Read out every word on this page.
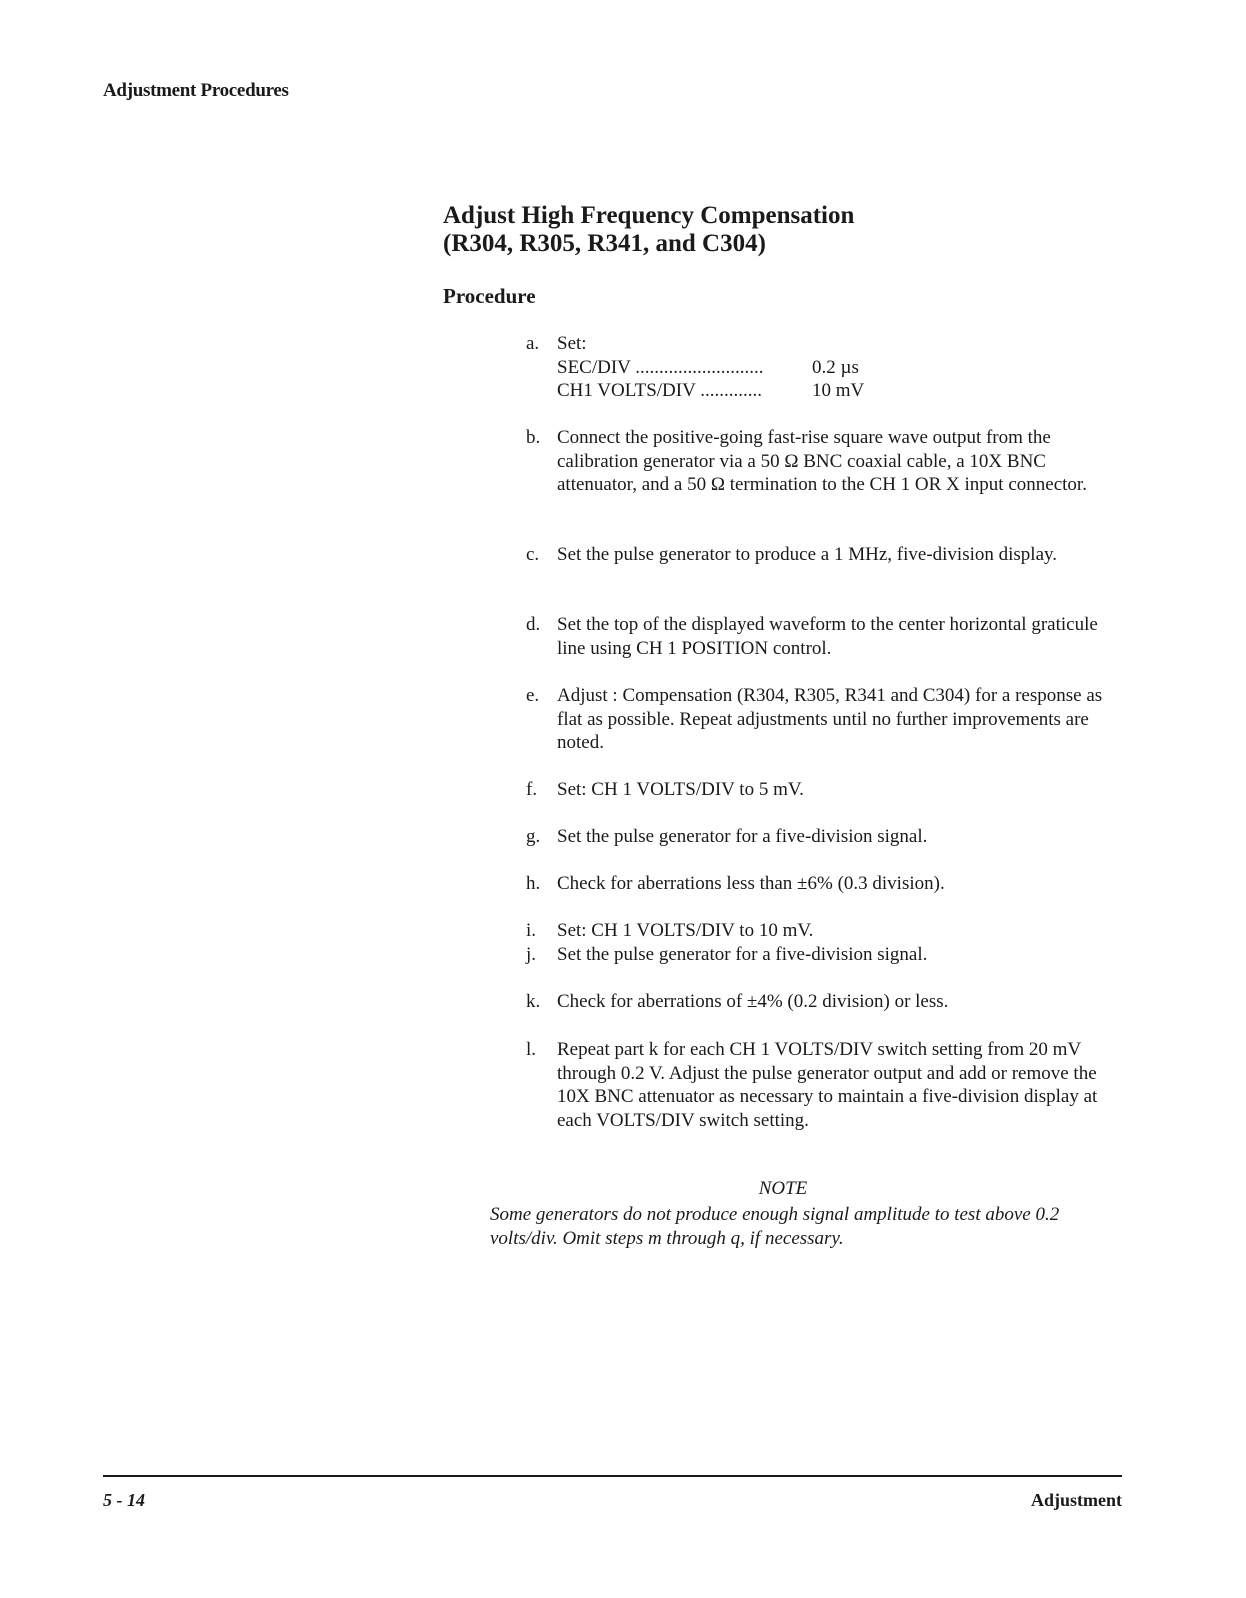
Adjustment Procedures
Adjust High Frequency Compensation
(R304, R305, R341, and C304)
Procedure
a. Set:
SEC/DIV ...........................	0.2 µs
CH1 VOLTS/DIV .............	10 mV
b. Connect the positive-going fast-rise square wave output from the calibration generator via a 50 Ω BNC coaxial cable, a 10X BNC attenuator, and a 50 Ω termination to the CH 1 OR X input connector.
c. Set the pulse generator to produce a 1 MHz, five-division display.
d. Set the top of the displayed waveform to the center horizontal graticule line using CH 1 POSITION control.
e. Adjust : Compensation (R304, R305, R341 and C304) for a response as flat as possible. Repeat adjustments until no further improvements are noted.
f.	Set: CH 1 VOLTS/DIV to 5 mV.
g. Set the pulse generator for a five-division signal.
h. Check for aberrations less than ±6% (0.3 division).
i.	Set: CH 1 VOLTS/DIV to 10 mV.
j.	Set the pulse generator for a five-division signal.
k. Check for aberrations of ±4% (0.2 division) or less.
l.	Repeat part k for each CH 1 VOLTS/DIV switch setting from 20 mV through 0.2 V. Adjust the pulse generator output and add or remove the 10X BNC attenuator as necessary to maintain a five-division display at each VOLTS/DIV switch setting.
NOTE
Some generators do not produce enough signal amplitude to test above 0.2 volts/div. Omit steps m through q, if necessary.
5 - 14	Adjustment
